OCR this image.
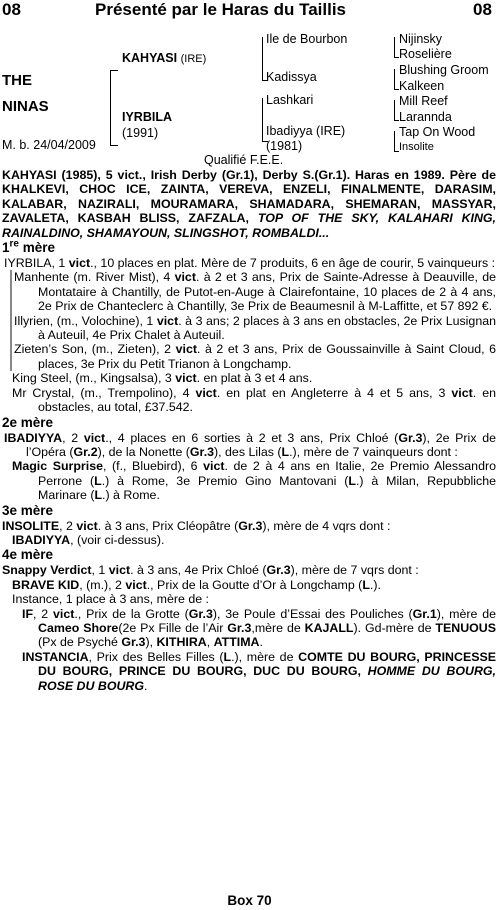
08	Présenté par le Haras du Taillis	08
THE
NINAS
M. b. 24/04/2009
KAHYASI (IRE)
IYRBILA
(1991)
Ile de Bourbon
Kadissya
Lashkari
Ibadiyya (IRE)
(1981)
Nijinsky
Roselière
Blushing Groom
Kalkeen
Mill Reef
Larannda
Tap On Wood
Insolite
Qualifié F.E.E.
KAHYASI (1985), 5 vict., Irish Derby (Gr.1), Derby S.(Gr.1). Haras en 1989. Père de KHALKEVI, CHOC ICE, ZAINTA, VEREVA, ENZELI, FINALMENTE, DARASIM, KALABAR, NAZIRALI, MOURAMARA, SHAMADARA, SHEMARAN, MASSYAR, ZAVALETA, KASBAH BLISS, ZAFZALA, TOP OF THE SKY, KALAHARI KING, RAINALDINO, SHAMAYOUN, SLINGSHOT, ROMBALDI...
1re mère
IYRBILA, 1 vict., 10 places en plat. Mère de 7 produits, 6 en âge de courir, 5 vainqueurs :
Manhente (m. River Mist), 4 vict. à 2 et 3 ans, Prix de Sainte-Adresse à Deauville, de Montataire à Chantilly, de Putot-en-Auge à Clairefontaine, 10 places de 2 à 4 ans, 2e Prix de Chanteclerc à Chantilly, 3e Prix de Beaumesnil à M-Laffitte, et 57 892 €.
Illyrien, (m., Volochine), 1 vict. à 3 ans; 2 places à 3 ans en obstacles, 2e Prix Lusignan à Auteuil, 4e Prix Chalet à Auteuil.
Zieten’s Son, (m., Zieten), 2 vict. à 2 et 3 ans, Prix de Goussainville à Saint Cloud, 6 places, 3e Prix du Petit Trianon à Longchamp.
King Steel, (m., Kingsalsa), 3 vict. en plat à 3 et 4 ans.
Mr Crystal, (m., Trempolino), 4 vict. en plat en Angleterre à 4 et 5 ans, 3 vict. en obstacles, au total, £37.542.
2e mère
IBADIYYA, 2 vict., 4 places en 6 sorties à 2 et 3 ans, Prix Chloé (Gr.3), 2e Prix de l’Opéra (Gr.2), de la Nonette (Gr.3), des Lilas (L.), mère de 7 vainqueurs dont :
Magic Surprise, (f., Bluebird), 6 vict. de 2 à 4 ans en Italie, 2e Premio Alessandro Perrone (L.) à Rome, 3e Premio Gino Mantovani (L.) à Milan, Repubbliche Marinare (L.) à Rome.
3e mère
INSOLITE, 2 vict. à 3 ans, Prix Cléopâtre (Gr.3), mère de 4 vqrs dont :
IBADIYYA, (voir ci-dessus).
4e mère
Snappy Verdict, 1 vict. à 3 ans, 4e Prix Chloé (Gr.3), mère de 7 vqrs dont :
BRAVE KID, (m.), 2 vict., Prix de la Goutte d’Or à Longchamp (L.).
Instance, 1 place à 3 ans, mère de :
IF, 2 vict., Prix de la Grotte (Gr.3), 3e Poule d’Essai des Pouliches (Gr.1), mère de Cameo Shore(2e Px Fille de l’Air Gr.3,mère de KAJALL). Gd-mère de TENUOUS (Px de Psyché Gr.3), KITHIRA, ATTIMA.
INSTANCIA, Prix des Belles Filles (L.), mère de COMTE DU BOURG, PRINCESSE DU BOURG, PRINCE DU BOURG, DUC DU BOURG, HOMME DU BOURG, ROSE DU BOURG.
Box 70
